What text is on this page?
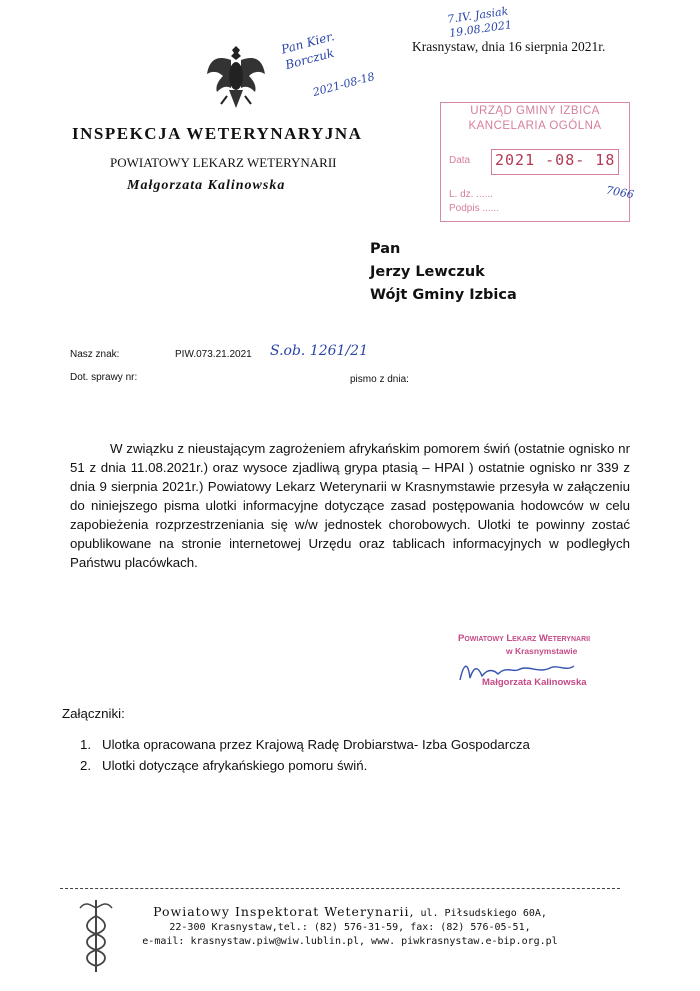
Krasnystaw, dnia 16 sierpnia 2021r.
INSPEKCJA WETERYNARYJNA
POWIATOWY LEKARZ WETERYNARII
Małgorzata Kalinowska
URZĄD GMINY IZBICA
KANCELARIA OGÓLNA
Data 2021 -08- 18
L. dz. ......
Podpis ......
Pan Kier. Borczuk
2021-08-18
7.IV. Jasiak 19.08.2021
7066
Pan
Jerzy Lewczuk
Wójt Gminy Izbica
Nasz znak:	PIW.073.21.2021 S.ob. 1261/21
Dot. sprawy nr:	pismo z dnia:

W związku z nieustającym zagrożeniem afrykańskim pomorem świń (ostatnie ognisko nr 51 z dnia 11.08.2021r.) oraz wysoce zjadliwą grypa ptasią – HPAI ) ostatnie ognisko nr 339 z dnia 9 sierpnia 2021r.) Powiatowy Lekarz Weterynarii w Krasnymstawie przesyła w załączeniu do niniejszego pisma ulotki informacyjne dotyczące zasad postępowania hodowców w celu zapobieżenia rozprzestrzeniania się w/w jednostek chorobowych. Ulotki te powinny zostać opublikowane na stronie internetowej Urzędu oraz tablicach informacyjnych w podległych Państwu placówkach.

Powiatowy Lekarz Weterynarii
w Krasnymstawie
Małgorzata Kalinowska
Załączniki:
1. Ulotka opracowana przez Krajową Radę Drobiarstwa- Izba Gospodarcza
2. Ulotki dotyczące afrykańskiego pomoru świń.
Powiatowy Inspektorat Weterynarii, ul. Piłsudskiego 60A,
22-300 Krasnystaw,tel.: (82) 576-31-59, fax: (82) 576-05-51,
e-mail: krasnystaw.piw@wiw.lublin.pl, www. piwkrasnystaw.e-bip.org.pl
